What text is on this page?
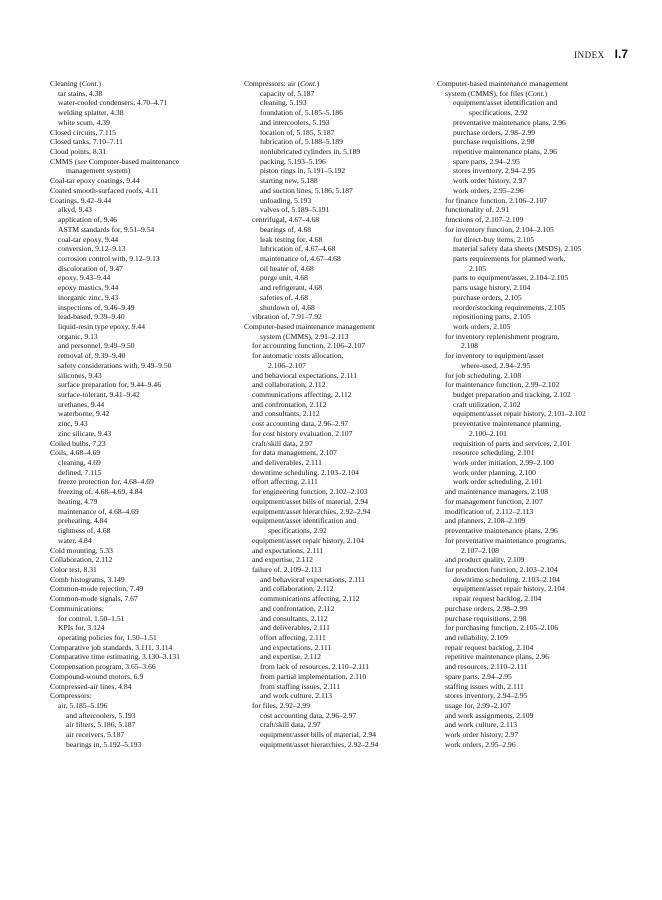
INDEX I.7
Cleaning (Cont.)
tar stains, 4.38
water-cooled condensers, 4.70–4.71
welding splatter, 4.38
white scum, 4.39
Closed circuits, 7.115
Closed tanks, 7.10–7.11
Cloud points, 8.31
CMMS (see Computer-based maintenance
management system)
Coal-tar epoxy coatings, 9.44
Coated smooth-surfaced roofs, 4.11
Coatings, 9.42–9.44
alkyd, 9.43
application of, 9.46
ASTM standards for, 9.51–9.54
coal-tar epoxy, 9.44
conversion, 9.12–9.13
corrosion control with, 9.12–9.13
discoloration of, 9.47
epoxy, 9.43–9.44
epoxy mastics, 9.44
inorganic zinc, 9.43
inspections of, 9.46–9.49
lead-based, 9.39–9.40
liquid-resin type epoxy, 9.44
organic, 9.13
and personnel, 9.49–9.50
removal of, 9.39–9.40
safety considerations with, 9.49–9.50
silicones, 9.43
surface preparation for, 9.44–9.46
surface-tolerant, 9.41–9.42
urethanes, 9.44
waterborne, 9.42
zinc, 9.43
zinc silicate, 9.43
Coiled bulbs, 7.23
Coils, 4.68–4.69
cleaning, 4.69
defined, 7.115
freeze protection for, 4.68–4.69
freezing of, 4.68–4.69, 4.84
heating, 4.79
maintenance of, 4.68–4.69
preheating, 4.84
tightness of, 4.68
water, 4.84
Cold mounting, 5.33
Collaboration, 2.112
Color test, 8.31
Comb histograms, 3.149
Common-mode rejection, 7.49
Common-mode signals, 7.67
Communications:
for control, 1.50–1.51
KPIs for, 3.124
operating policies for, 1.50–1.51
Comparative job standards, 3.111, 3.114
Comparative time estimating, 3.130–3.131
Compensation program, 3.65–3.66
Compound-wound motors, 6.9
Compressed-air lines, 4.84
Compressors:
air, 5.185–5.196
and aftercoolers, 5.193
air filters, 5.186, 5.187
air receivers, 5.187
bearings in, 5.192–5.193
Compressors: air (Cont.)
capacity of, 5.187
cleaning, 5.193
foundation of, 5.185–5.186
and intercoolers, 5.193
location of, 5.185, 5.187
lubrication of, 5.188–5.189
nonlubricated cylinders in, 5.189
packing, 5.193–5.196
piston rings in, 5.191–5.192
starting new, 5.188
and suction lines, 5.186, 5.187
unloading, 5.193
valves of, 5.189–5.191
centrifugal, 4.67–4.68
bearings of, 4.68
leak testing for, 4.68
lubrication of, 4.67–4.68
maintenance of, 4.67–4.68
oil heater of, 4.68
purge unit, 4.68
and refrigerant, 4.68
safeties of, 4.68
shutdown of, 4.68
vibration of, 7.91–7.92
Computer-based maintenance management
system (CMMS), 2.91–2.113
for accounting function, 2.106–2.107
for automatic costs allocation,
2.106–2.107
and behavioral expectations, 2.111
and collaboration, 2.112
communications affecting, 2.112
and confrontation, 2.112
and consultants, 2.112
cost accounting data, 2.96–2.97
for cost history evaluation, 2.107
craft/skill data, 2.97
for data management, 2.107
and deliverables, 2.111
downtime scheduling, 2.103–2.104
effort affecting, 2.111
for engineering function, 2.102–2.103
equipment/asset bills of material, 2.94
equipment/asset hierarchies, 2.92–2.94
equipment/asset identification and
specifications, 2.92
equipment/asset repair history, 2.104
and expectations, 2.111
and expertise, 2.112
failure of, 2.109–2.113
and behavioral expectations, 2.111
and collaboration, 2.112
communications affecting, 2.112
and confrontation, 2.112
and consultants, 2.112
and deliverables, 2.111
effort affecting, 2.111
and expectations, 2.111
and expertise, 2.112
from lack of resources, 2.110–2.111
from partial implementation, 2.110
from staffing issues, 2.111
and work culture, 2.113
for files, 2.92–2.99
cost accounting data, 2.96–2.97
craft/skill data, 2.97
equipment/asset bills of material, 2.94
equipment/asset hierarchies, 2.92–2.94
Computer-based maintenance management
system (CMMS), for files (Cont.)
equipment/asset identification and
specifications, 2.92
preventative maintenance plans, 2.96
purchase orders, 2.98–2.99
purchase requisitions, 2.98
repetitive maintenance plans, 2.96
spare parts, 2.94–2.95
stores inventory, 2.94–2.95
work order history, 2.97
work orders, 2.95–2.96
for finance function, 2.106–2.107
functionality of, 2.91
functions of, 2.107–2.109
for inventory function, 2.104–2.105
for direct-buy items, 2.105
material safety data sheets (MSDS), 2.105
parts requirements for planned work,
2.105
parts to equipment/asset, 2.104–2.105
parts usage history, 2.104
purchase orders, 2.105
reorder/stocking requirements, 2.105
repositioning parts, 2.105
work orders, 2.105
for inventory replenishment program,
2.108
for inventory to equipment/asset
where-used, 2.94–2.95
for job scheduling, 2.108
for maintenance function, 2.99–2.102
budget preparation and tracking, 2.102
craft utilization, 2.102
equipment/asset repair history, 2.101–2.102
preventative maintenance planning,
2.100–2.101
requisition of parts and services, 2.101
resource scheduling, 2.101
work order initiation, 2.99–2.100
work order planning, 2.100
work order scheduling, 2.101
and maintenance managers, 2.108
for management function, 2.107
modification of, 2.112–2.113
and planners, 2.108–2.109
preventative maintenance plans, 2.96
for preventative maintenance programs,
2.107–2.108
and product quality, 2.109
for production function, 2.103–2.104
downtime scheduling, 2.103–2.104
equipment/asset repair history, 2.104
repair request backlog, 2.104
purchase orders, 2.98–2.99
purchase requisitions, 2.98
for purchasing function, 2.105–2.106
and reliability, 2.109
repair request backlog, 2.104
repetitive maintenance plans, 2.96
and resources, 2.110–2.111
spare parts, 2.94–2.95
staffing issues with, 2.111
stores inventory, 2.94–2.95
usage for, 2.99–2.107
and work assignments, 2.109
and work culture, 2.113
work order history, 2.97
work orders, 2.95–2.96
